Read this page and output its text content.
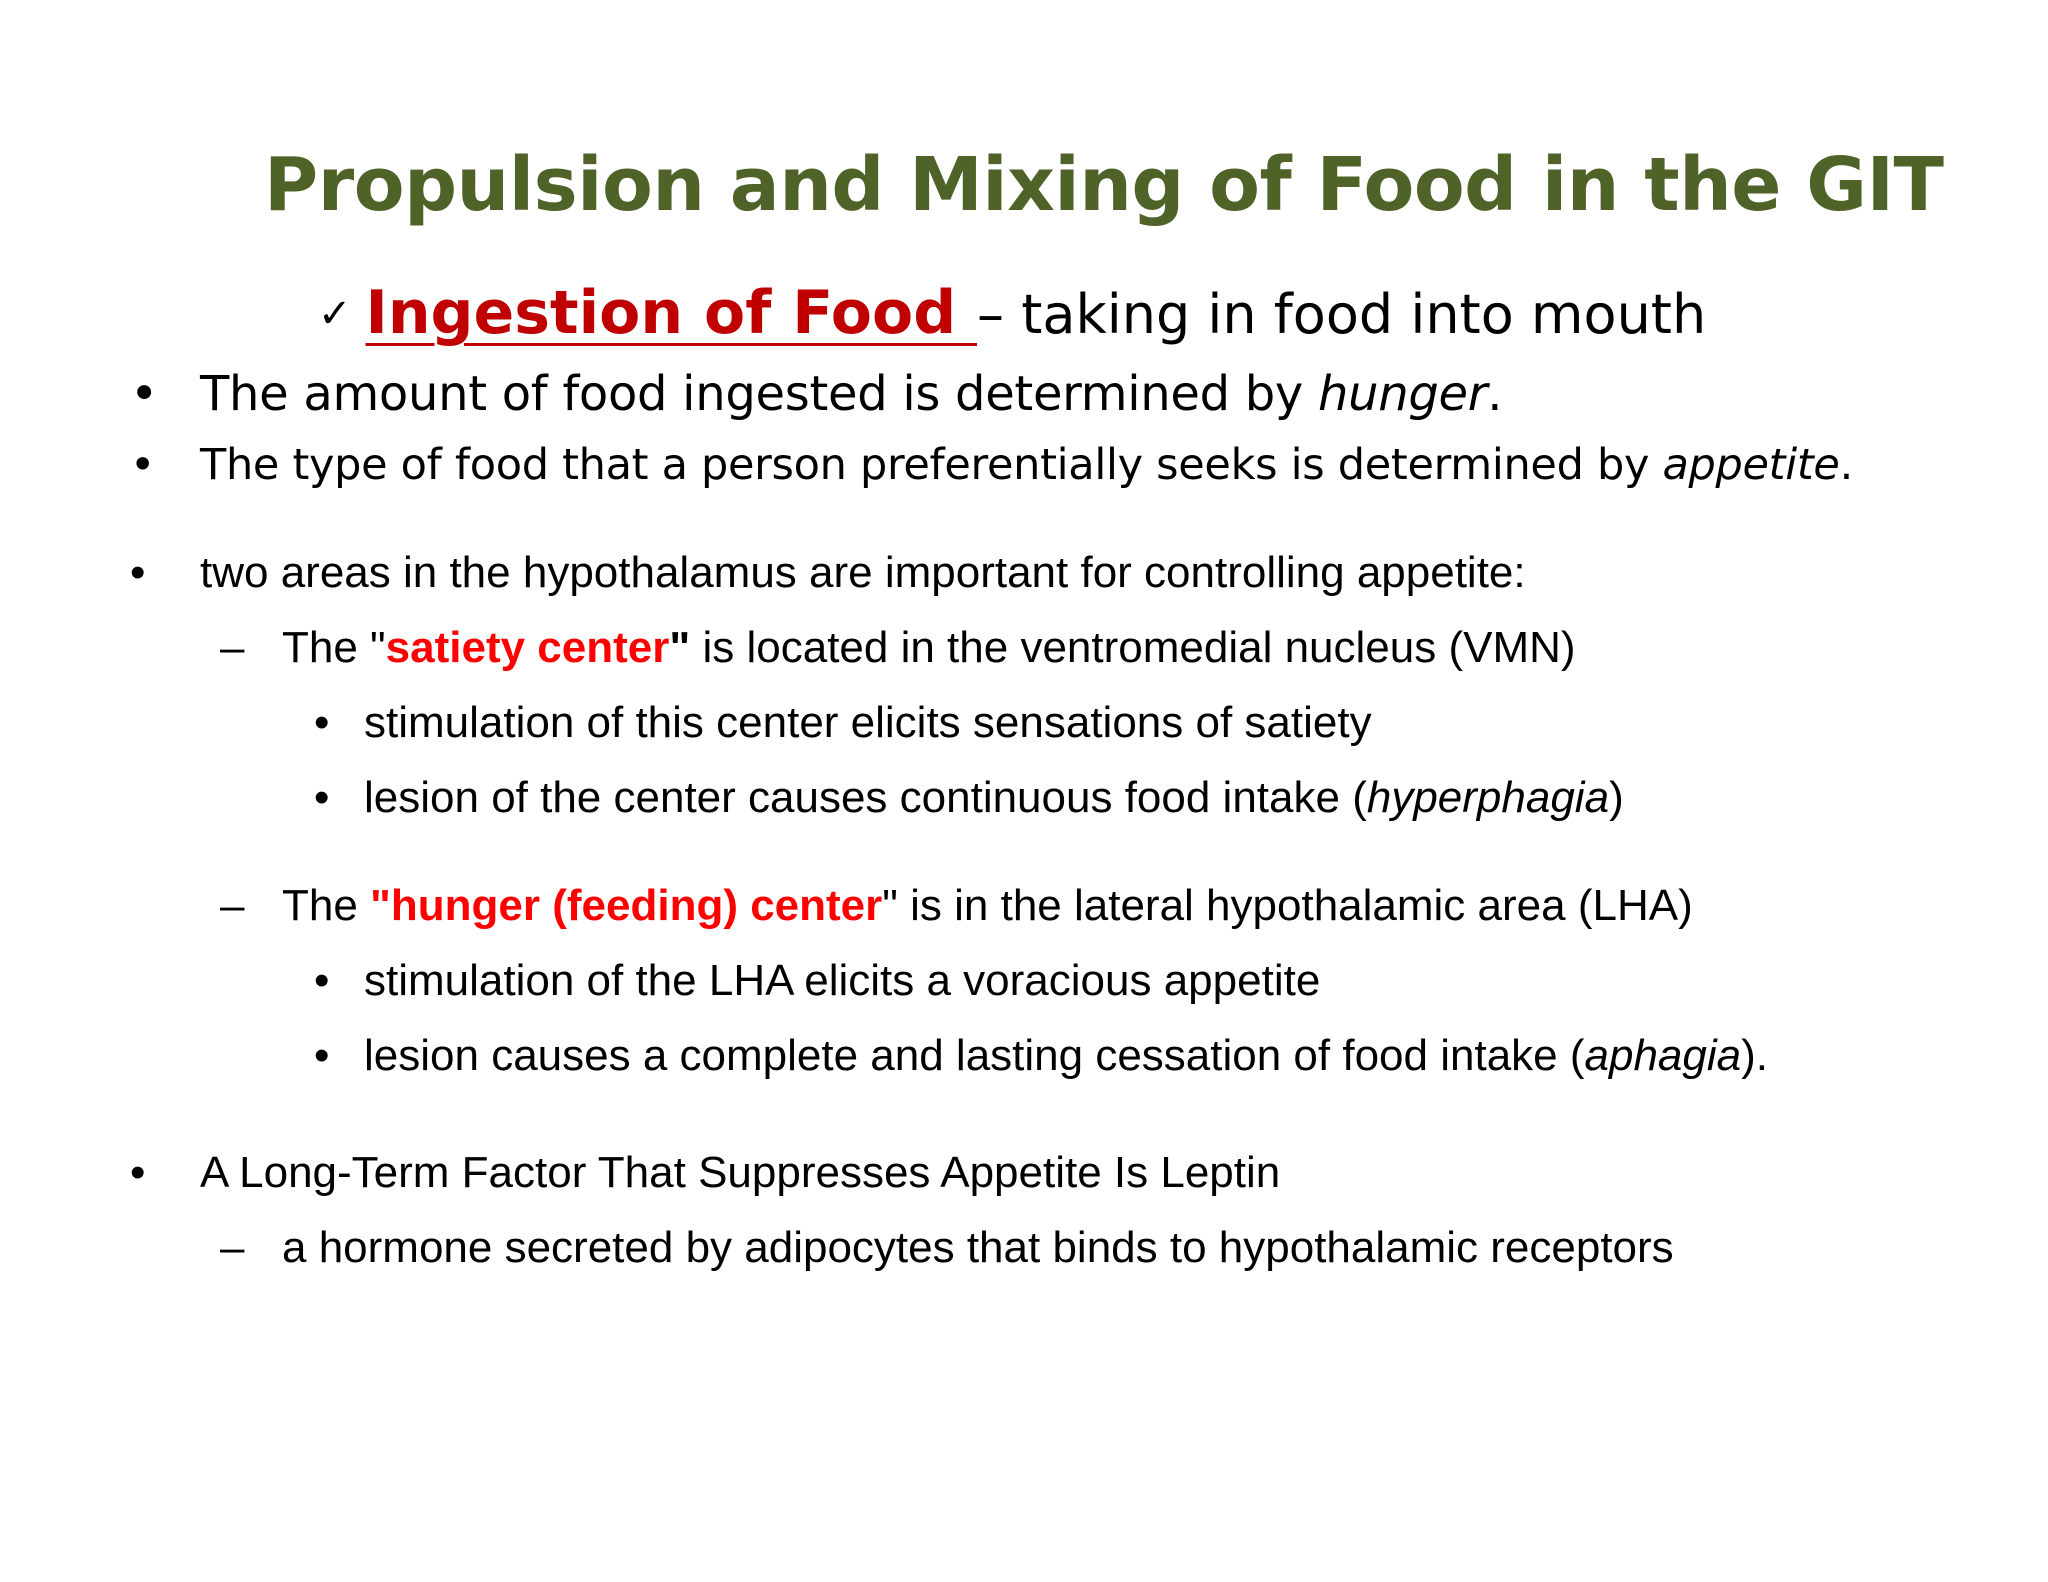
Propulsion and Mixing of Food in the GIT
✓ Ingestion of Food – taking in food into mouth
• The amount of food ingested is determined by hunger.
• The type of food that a person preferentially seeks is determined by appetite.
• two areas in the hypothalamus are important for controlling appetite:
– The "satiety center" is located in the ventromedial nucleus (VMN)
• stimulation of this center elicits sensations of satiety
• lesion of the center causes continuous food intake (hyperphagia)
– The "hunger (feeding) center" is in the lateral hypothalamic area (LHA)
• stimulation of the LHA elicits a voracious appetite
• lesion causes a complete and lasting cessation of food intake (aphagia).
• A Long-Term Factor That Suppresses Appetite Is Leptin
– a hormone secreted by adipocytes that binds to hypothalamic receptors
